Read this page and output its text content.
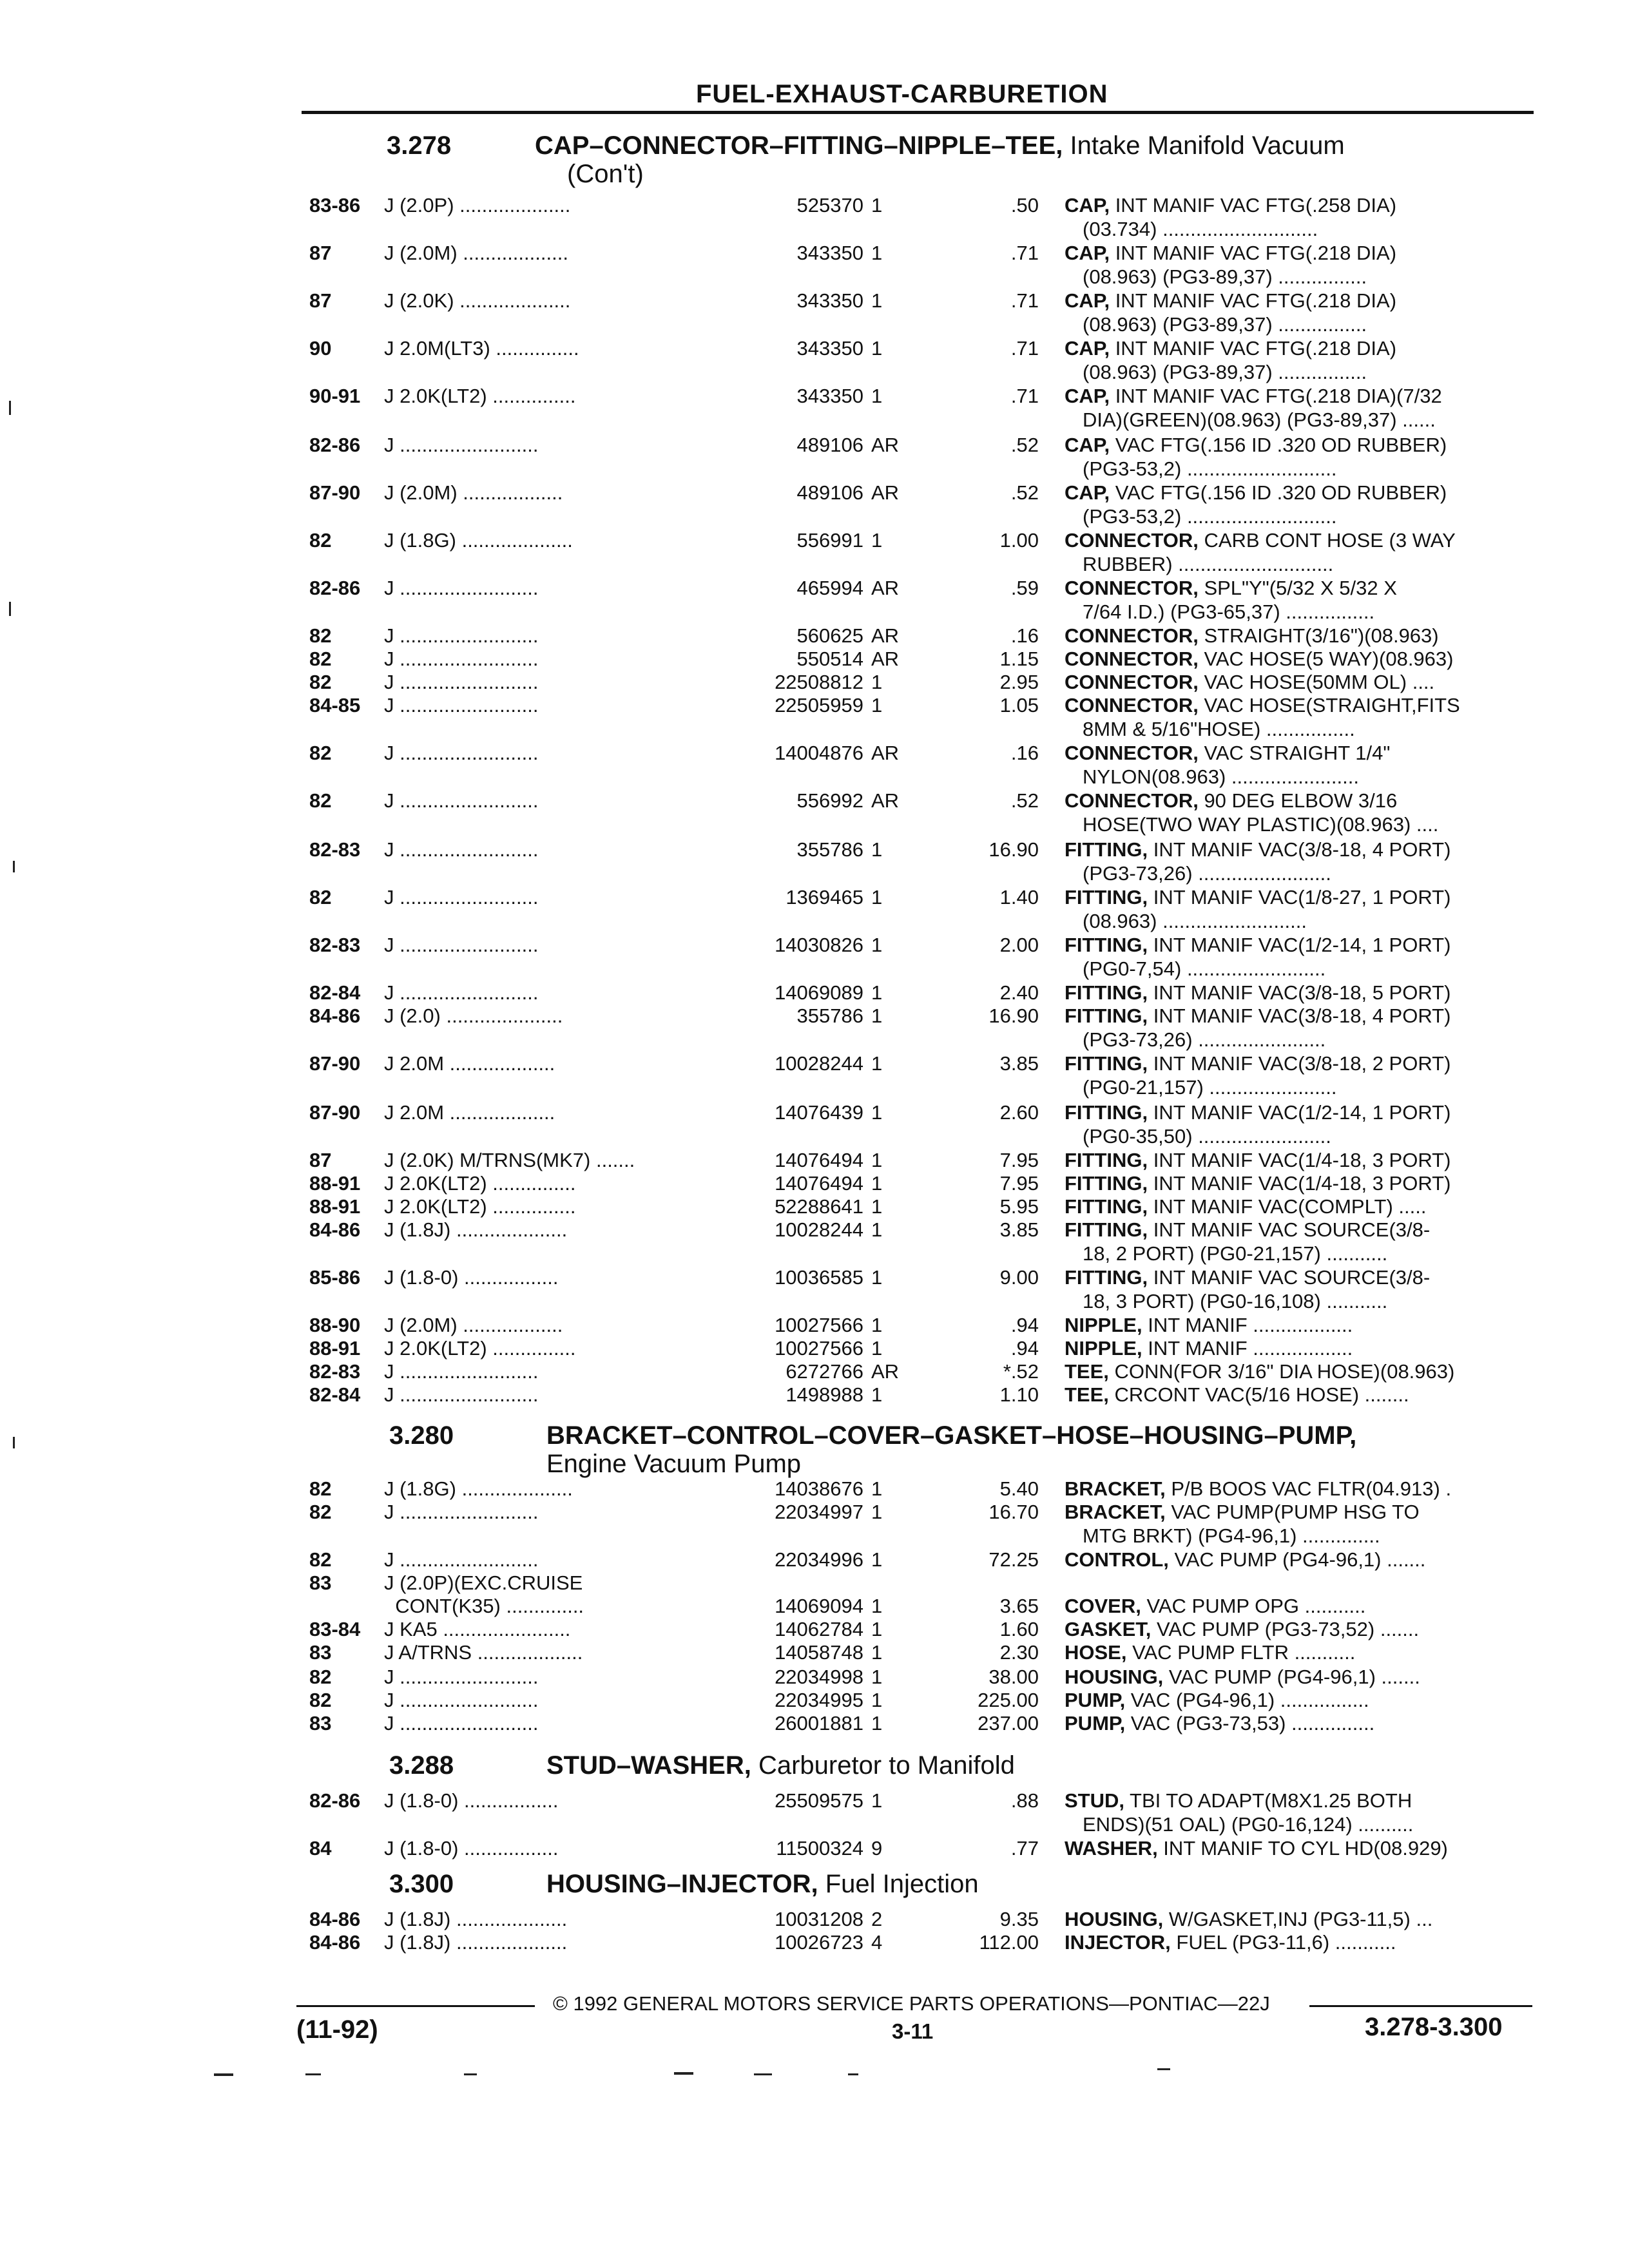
FUEL-EXHAUST-CARBURETION
3.278	CAP–CONNECTOR–FITTING–NIPPLE–TEE, Intake Manifold Vacuum
(Con't)
3.280	BRACKET–CONTROL–COVER–GASKET–HOSE–HOUSING–PUMP,
Engine Vacuum Pump
3.288	STUD–WASHER, Carburetor to Manifold
3.300	HOUSING–INJECTOR, Fuel Injection
83-86 J (2.0P) ....................	525370 1	.50 CAP, INT MANIF VAC FTG(.258 DIA)
(03.734) ............................
87	J (2.0M) ...................	343350 1	.71 CAP, INT MANIF VAC FTG(.218 DIA)
(08.963) (PG3-89,37) ................
87	J (2.0K) ....................	343350 1	.71 CAP, INT MANIF VAC FTG(.218 DIA)
(08.963) (PG3-89,37) ................
90	J 2.0M(LT3) ...............	343350 1	.71 CAP, INT MANIF VAC FTG(.218 DIA)
(08.963) (PG3-89,37) ................
90-91 J 2.0K(LT2) ...............	343350 1	.71 CAP, INT MANIF VAC FTG(.218 DIA)(7/32
DIA)(GREEN)(08.963) (PG3-89,37) ......
82-86 J .........................	489106 AR	.52 CAP, VAC FTG(.156 ID .320 OD RUBBER)
(PG3-53,2) ...........................
87-90 J (2.0M) ..................	489106 AR	.52 CAP, VAC FTG(.156 ID .320 OD RUBBER)
(PG3-53,2) ...........................
82	J (1.8G) ....................	556991 1	1.00 CONNECTOR, CARB CONT HOSE (3 WAY
RUBBER) ............................
82-86 J .........................	465994 AR	.59 CONNECTOR, SPL"Y"(5/32 X 5/32 X
7/64 I.D.) (PG3-65,37) ................
82	J .........................	560625 AR	.16 CONNECTOR, STRAIGHT(3/16")(08.963)
82	J .........................	550514 AR	1.15 CONNECTOR, VAC HOSE(5 WAY)(08.963)
82	J .........................	22508812 1	2.95 CONNECTOR, VAC HOSE(50MM OL) ....
84-85 J .........................	22505959 1	1.05 CONNECTOR, VAC HOSE(STRAIGHT,FITS
8MM & 5/16"HOSE) ................
82	J .........................	14004876 AR	.16 CONNECTOR, VAC STRAIGHT 1/4"
NYLON(08.963) .......................
82	J .........................	556992 AR	.52 CONNECTOR, 90 DEG ELBOW 3/16
HOSE(TWO WAY PLASTIC)(08.963) ....
82-83 J .........................	355786 1	16.90 FITTING, INT MANIF VAC(3/8-18, 4 PORT)
(PG3-73,26) ........................
82	J .........................	1369465 1	1.40 FITTING, INT MANIF VAC(1/8-27, 1 PORT)
(08.963) ..........................
82-83 J .........................	14030826 1	2.00 FITTING, INT MANIF VAC(1/2-14, 1 PORT)
(PG0-7,54) .........................
82-84 J .........................	14069089 1	2.40 FITTING, INT MANIF VAC(3/8-18, 5 PORT)
84-86 J (2.0) .....................	355786 1	16.90 FITTING, INT MANIF VAC(3/8-18, 4 PORT)
(PG3-73,26) .......................
87-90 J 2.0M ...................	10028244 1	3.85 FITTING, INT MANIF VAC(3/8-18, 2 PORT)
(PG0-21,157) .......................
87-90 J 2.0M ...................	14076439 1	2.60 FITTING, INT MANIF VAC(1/2-14, 1 PORT)
(PG0-35,50) ........................
87	J (2.0K) M/TRNS(MK7) .......	14076494 1	7.95 FITTING, INT MANIF VAC(1/4-18, 3 PORT)
88-91 J 2.0K(LT2) ...............	14076494 1	7.95 FITTING, INT MANIF VAC(1/4-18, 3 PORT)
88-91 J 2.0K(LT2) ...............	52288641 1	5.95 FITTING, INT MANIF VAC(COMPLT) .....
84-86 J (1.8J) ....................	10028244 1	3.85 FITTING, INT MANIF VAC SOURCE(3/8-
18, 2 PORT) (PG0-21,157) ...........
85-86 J (1.8-0) .................	10036585 1	9.00 FITTING, INT MANIF VAC SOURCE(3/8-
18, 3 PORT) (PG0-16,108) ...........
88-90 J (2.0M) ..................	10027566 1	.94 NIPPLE, INT MANIF ..................
88-91 J 2.0K(LT2) ...............	10027566 1	.94 NIPPLE, INT MANIF ..................
82-83 J .........................	6272766 AR	*.52 TEE, CONN(FOR 3/16" DIA HOSE)(08.963)
82-84 J .........................	1498988 1	1.10 TEE, CRCONT VAC(5/16 HOSE) ........
82	J (1.8G) ....................	14038676 1	5.40 BRACKET, P/B BOOS VAC FLTR(04.913) .
82	J .........................	22034997 1	16.70 BRACKET, VAC PUMP(PUMP HSG TO
MTG BRKT) (PG4-96,1) ..............
82	J .........................	22034996 1	72.25 CONTROL, VAC PUMP (PG4-96,1) .......
83	J (2.0P)(EXC.CRUISE
CONT(K35) ..............	14069094 1	3.65 COVER, VAC PUMP OPG ...........
83-84 J KA5 .......................	14062784 1	1.60 GASKET, VAC PUMP (PG3-73,52) .......
83	J A/TRNS ...................	14058748 1	2.30 HOSE, VAC PUMP FLTR ...........
82	J .........................	22034998 1	38.00 HOUSING, VAC PUMP (PG4-96,1) .......
82	J .........................	22034995 1	225.00 PUMP, VAC (PG4-96,1) ................
83	J .........................	26001881 1	237.00 PUMP, VAC (PG3-73,53) ...............
82-86 J (1.8-0) .................	25509575 1	.88 STUD, TBI TO ADAPT(M8X1.25 BOTH
ENDS)(51 OAL) (PG0-16,124) ..........
84	J (1.8-0) .................	11500324 9	.77 WASHER, INT MANIF TO CYL HD(08.929)
84-86 J (1.8J) ....................	10031208 2	9.35 HOUSING, W/GASKET,INJ (PG3-11,5) ...
84-86 J (1.8J) ....................	10026723 4	112.00 INJECTOR, FUEL (PG3-11,6) ...........
© 1992 GENERAL MOTORS SERVICE PARTS OPERATIONS—PONTIAC—22J
(11-92)	3-11	3.278-3.300
